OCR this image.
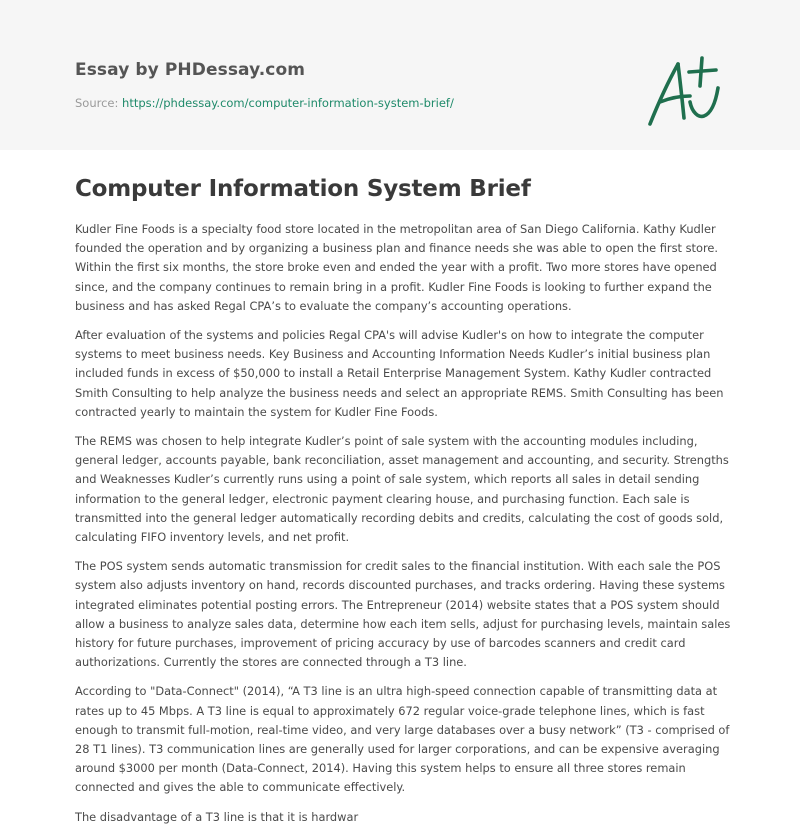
Essay by PHDessay.com
Source: https://phdessay.com/computer-information-system-brief/
Computer Information System Brief

Kudler Fine Foods is a specialty food store located in the metropolitan area of San Diego California. Kathy Kudler founded the operation and by organizing a business plan and finance needs she was able to open the first store. Within the first six months, the store broke even and ended the year with a profit. Two more stores have opened since, and the company continues to remain bring in a profit. Kudler Fine Foods is looking to further expand the business and has asked Regal CPA’s to evaluate the company’s accounting operations.

After evaluation of the systems and policies Regal CPA's will advise Kudler's on how to integrate the computer systems to meet business needs. Key Business and Accounting Information Needs Kudler’s initial business plan included funds in excess of $50,000 to install a Retail Enterprise Management System. Kathy Kudler contracted Smith Consulting to help analyze the business needs and select an appropriate REMS. Smith Consulting has been contracted yearly to maintain the system for Kudler Fine Foods.

The REMS was chosen to help integrate Kudler’s point of sale system with the accounting modules including, general ledger, accounts payable, bank reconciliation, asset management and accounting, and security. Strengths and Weaknesses Kudler’s currently runs using a point of sale system, which reports all sales in detail sending information to the general ledger, electronic payment clearing house, and purchasing function. Each sale is transmitted into the general ledger automatically recording debits and credits, calculating the cost of goods sold, calculating FIFO inventory levels, and net profit.

The POS system sends automatic transmission for credit sales to the financial institution. With each sale the POS system also adjusts inventory on hand, records discounted purchases, and tracks ordering. Having these systems integrated eliminates potential posting errors. The Entrepreneur (2014) website states that a POS system should allow a business to analyze sales data, determine how each item sells, adjust for purchasing levels, maintain sales history for future purchases, improvement of pricing accuracy by use of barcodes scanners and credit card authorizations. Currently the stores are connected through a T3 line.

According to "Data-Connect" (2014), “A T3 line is an ultra high-speed connection capable of transmitting data at rates up to 45 Mbps. A T3 line is equal to approximately 672 regular voice-grade telephone lines, which is fast enough to transmit full-motion, real-time video, and very large databases over a busy network” (T3 - comprised of 28 T1 lines). T3 communication lines are generally used for larger corporations, and can be expensive averaging around $3000 per month (Data-Connect, 2014). Having this system helps to ensure all three stores remain connected and gives the able to communicate effectively.

The disadvantage of a T3 line is that it is hardwar
